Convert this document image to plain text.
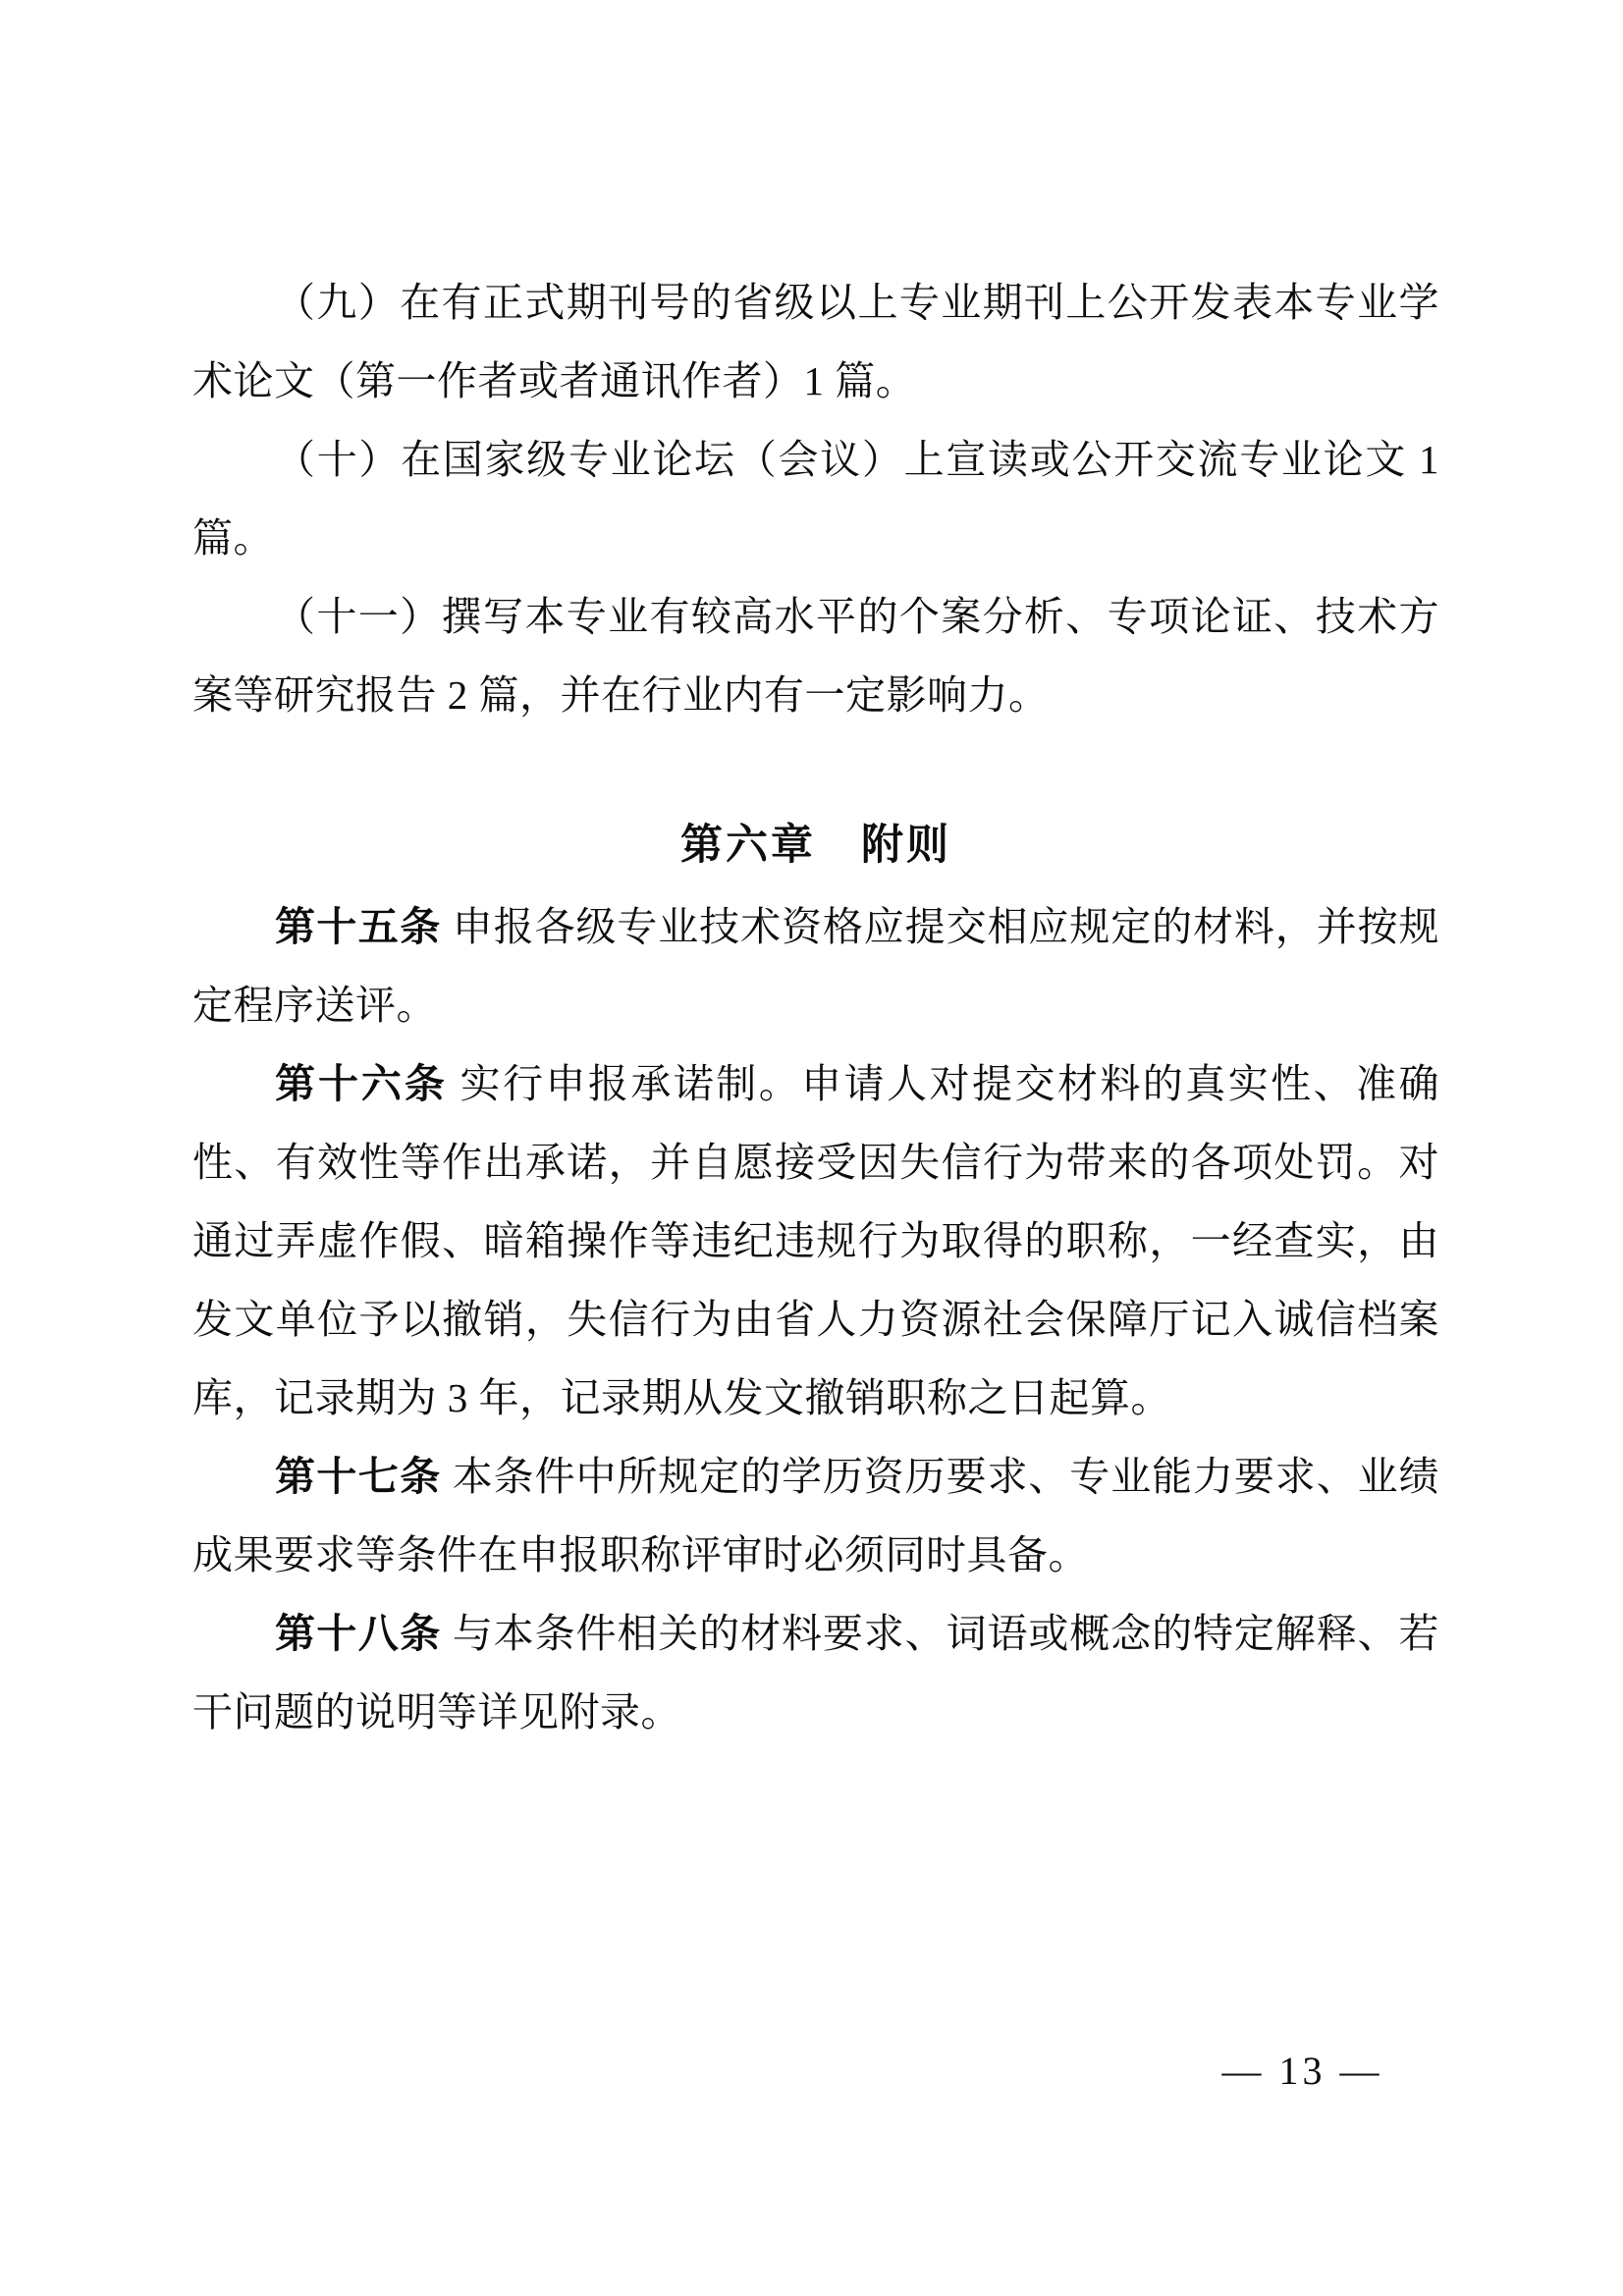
（九）在有正式期刊号的省级以上专业期刊上公开发表本专业学术论文（第一作者或者通讯作者）1 篇。

（十）在国家级专业论坛（会议）上宣读或公开交流专业论文 1 篇。

（十一）撰写本专业有较高水平的个案分析、专项论证、技术方案等研究报告 2 篇，并在行业内有一定影响力。

第六章　附则

第十五条 申报各级专业技术资格应提交相应规定的材料，并按规定程序送评。

第十六条 实行申报承诺制。申请人对提交材料的真实性、准确性、有效性等作出承诺，并自愿接受因失信行为带来的各项处罚。对通过弄虚作假、暗箱操作等违纪违规行为取得的职称，一经查实，由发文单位予以撤销，失信行为由省人力资源社会保障厅记入诚信档案库，记录期为 3 年，记录期从发文撤销职称之日起算。

第十七条 本条件中所规定的学历资历要求、专业能力要求、业绩成果要求等条件在申报职称评审时必须同时具备。

第十八条 与本条件相关的材料要求、词语或概念的特定解释、若干问题的说明等详见附录。

— 13 —
